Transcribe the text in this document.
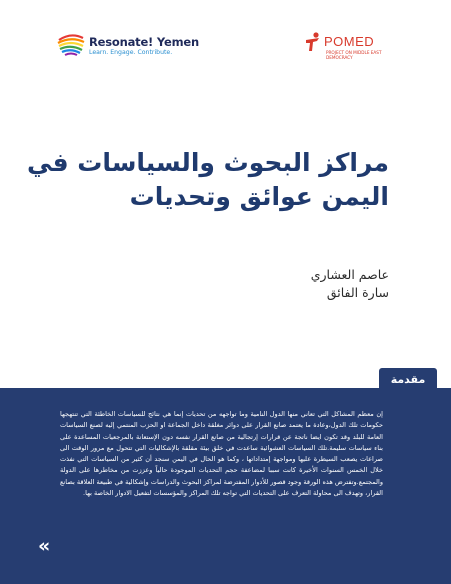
Resonate! Yemen
Learn. Engage. Contribute.
POMED
PROJECT ON MIDDLE EAST DEMOCRACY
مراكز البحوث والسياسات في
اليمن عوائق وتحديات
عاصم العشاري
سارة الفائق
مقدمة
إن معظم المشاكل التي تعاني منها الدول النامية وما تواجهه من تحديات إنما هي نتائج للسياسات الخاطئة التي تنتهجها حكومات تلك الدول،وعادة ما يعتمد صانع القرار على دوائر مغلقة داخل الجماعة او الحزب المنتمي إليه لصنع السياسات العامة للبلد وقد تكون ايضا ناتجة عن قرارات إرتجالية من صانع القرار نفسه دون الإستعانة بالمرجعيات المساعدة على بناء سياسات سليمة.تلك السياسات العشوائية ساعدت في خلق بيئة مقلقة بالإشكاليات التي تتحول مع مرور الوقت الى صراعات يصعب السيطرة عليها ومواجهة إمتداداتها ، وكما هو الحال في اليمن سنجد أن كثير من السياسات التي نفذت خلال الخمس السنوات الأخيرة كانت سببا لمضاعفة حجم التحديات الموجودة حالياً وعززت من مخاطرها على الدولة والمجتمع.وتفترض هذه الورقة وجود قصور للأدوار المفترضة لمراكز البحوث والدراسات وإشكالية في طبيعة العلاقة بصانع القرار، وتهدف الى محاولة التعرف على التحديات التي تواجه تلك المراكز والمؤسسات لتفعيل الادوار الخاصة بها.
«
